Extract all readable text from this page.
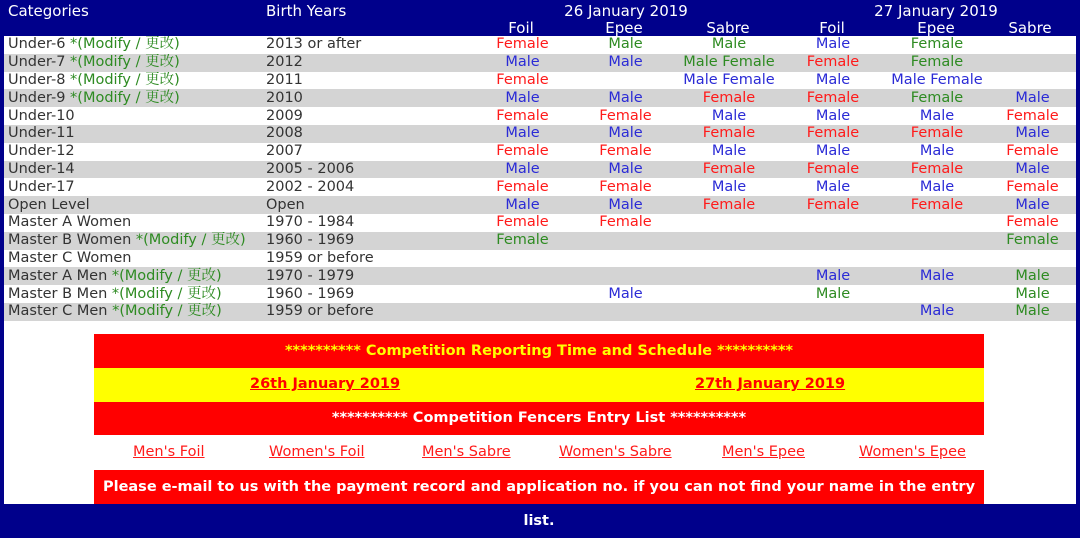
Categories	Birth Years	26 January 2019	27 January 2019
Foil	Epee	Sabre	Foil	Epee	Sabre
Under-6 *(Modify / 更改)	2013 or after	Female	Male	Male	Male	Female	
Under-7 *(Modify / 更改)	2012	Male	Male	Male Female	Female	Female	
Under-8 *(Modify / 更改)	2011	Female		Male Female	Male	Male Female	
Under-9 *(Modify / 更改)	2010	Male	Male	Female	Female	Female	Male
Under-10	2009	Female	Female	Male	Male	Male	Female
Under-11	2008	Male	Male	Female	Female	Female	Male
Under-12	2007	Female	Female	Male	Male	Male	Female
Under-14	2005 - 2006	Male	Male	Female	Female	Female	Male
Under-17	2002 - 2004	Female	Female	Male	Male	Male	Female
Open Level	Open	Male	Male	Female	Female	Female	Male
Master A Women	1970 - 1984	Female	Female				Female
Master B Women *(Modify / 更改)	1960 - 1969	Female					Female
Master C Women	1959 or before						
Master A Men *(Modify / 更改)	1970 - 1979				Male	Male	Male
Master B Men *(Modify / 更改)	1960 - 1969		Male		Male		Male
Master C Men *(Modify / 更改)	1959 or before					Male	Male
********** Competition Reporting Time and Schedule **********
26th January 2019	27th January 2019
********** Competition Fencers Entry List **********
Men's Foil	Women's Foil	Men's Sabre	Women's Sabre	Men's Epee	Women's Epee
Please e-mail to us with the payment record and application no. if you can not find your name in the entry list.
